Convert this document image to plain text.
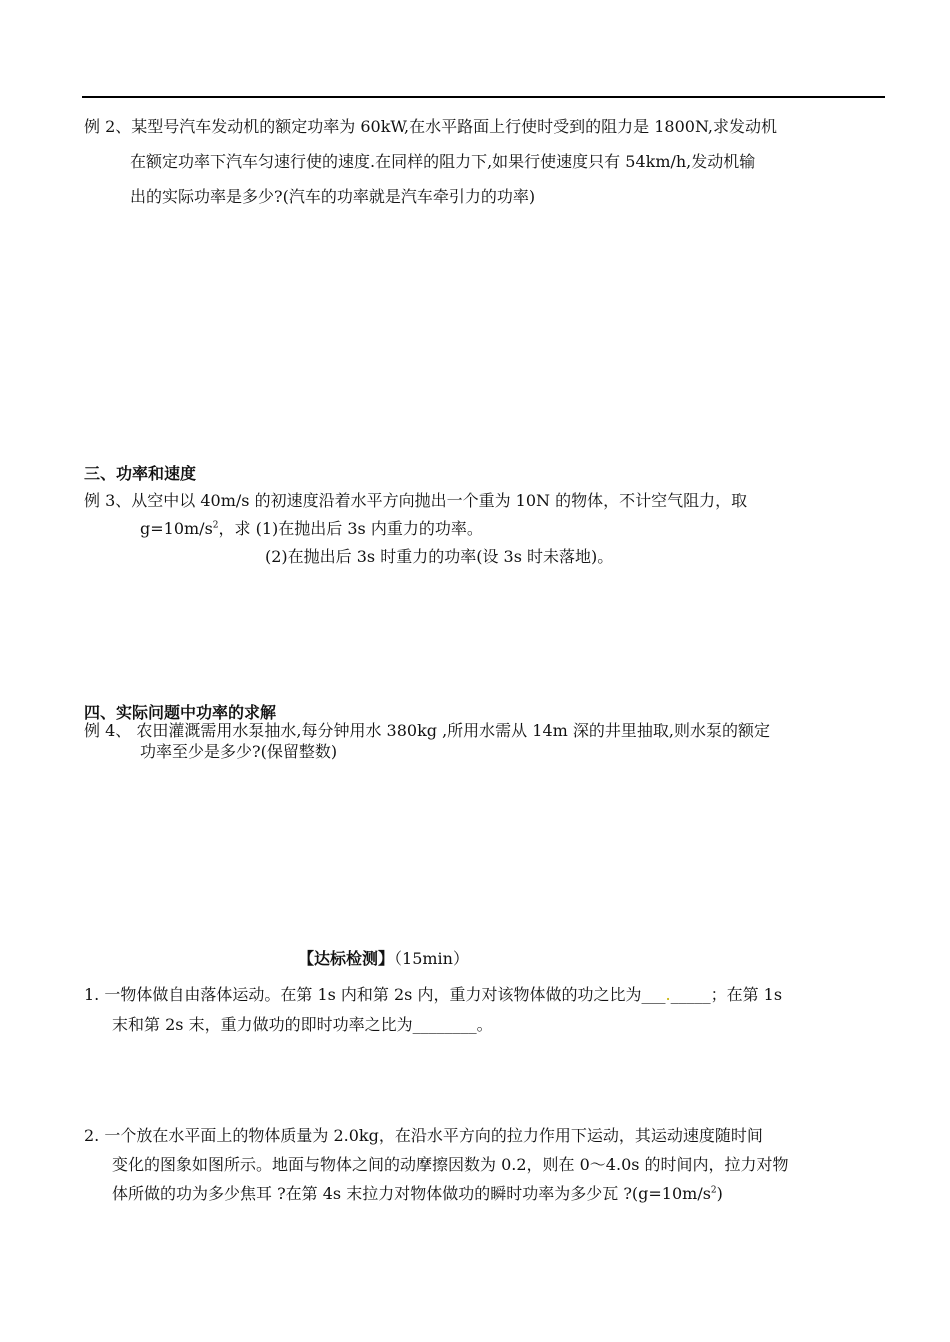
例 2、某型号汽车发动机的额定功率为 60kW,在水平路面上行使时受到的阻力是 1800N,求发动机
在额定功率下汽车匀速行使的速度.在同样的阻力下,如果行使速度只有 54km/h,发动机输
出的实际功率是多少?(汽车的功率就是汽车牵引力的功率)
三、功率和速度
例 3、从空中以 40m/s 的初速度沿着水平方向抛出一个重为 10N 的物体，不计空气阻力，取
$g=10m/s^2$，求 (1)在抛出后 3s 内重力的功率。
(2)在抛出后 3s 时重力的功率(设 3s 时未落地)。
四、实际问题中功率的求解
例 4、 农田灌溉需用水泵抽水,每分钟用水 380kg ,所用水需从 14m 深的井里抽取,则水泵的额定
功率至少是多少?(保留整数)
【达标检测】（15min）
1. 一物体做自由落体运动。在第 1s 内和第 2s 内，重力对该物体做的功之比为___._____；在第 1s
末和第 2s 末，重力做功的即时功率之比为________。
2. 一个放在水平面上的物体质量为 2.0kg，在沿水平方向的拉力作用下运动，其运动速度随时间
变化的图象如图所示。地面与物体之间的动摩擦因数为 0.2，则在 0～4.0s 的时间内，拉力对物
体所做的功为多少焦耳 ?在第 4s 末拉力对物体做功的瞬时功率为多少瓦 $?(g=10m/s^2)$
